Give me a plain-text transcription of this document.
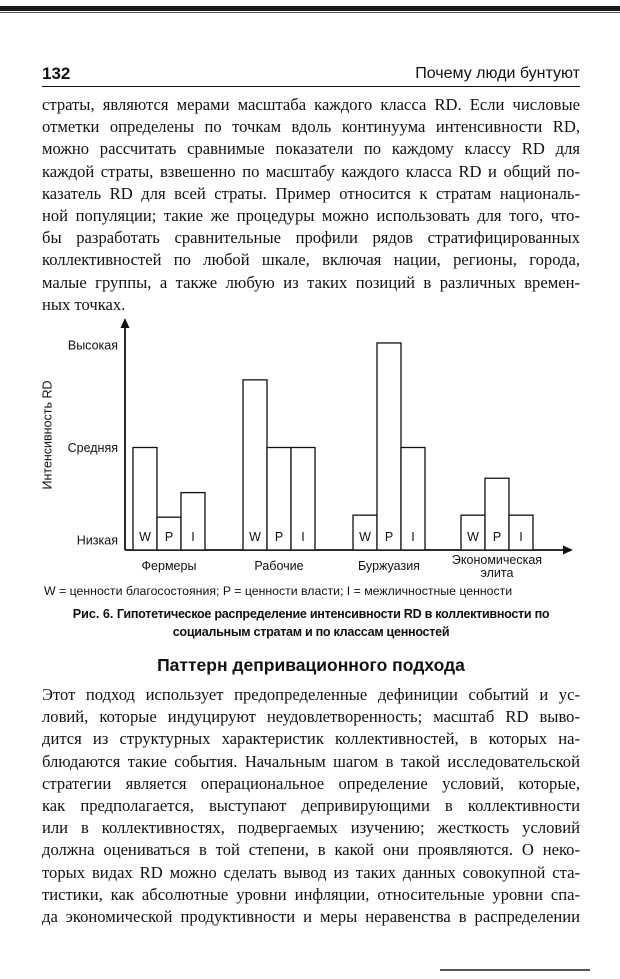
132	Почему люди бунтуют

страты, являются мерами масштаба каждого класса RD. Если числовые
отметки определены по точкам вдоль континуума интенсивности RD,
можно рассчитать сравнимые показатели по каждому классу RD для
каждой страты, взвешенно по масштабу каждого класса RD и общий по-
казатель RD для всей страты. Пример относится к стратам националь-
ной популяции; такие же процедуры можно использовать для того, что-
бы разработать сравнительные профили рядов стратифицированных
коллективностей по любой шкале, включая нации, регионы, города,
малые группы, а также любую из таких позиций в различных времен-
ных точках.

Низкая
Средняя
Высокая
Интенсивность RD
W P I
Фермеры
W P I
Рабочие
W P I
Буржуазия
W P I
Экономическая
элита
W = ценности благосостояния; P = ценности власти; I = межличностные ценности
Рис. 6. Гипотетическое распределение интенсивности RD в коллективности по социальным стратам и по классам ценностей
Паттерн депривационного подхода

Этот подход использует предопределенные дефиниции событий и ус-
ловий, которые индуцируют неудовлетворенность; масштаб RD выво-
дится из структурных характеристик коллективностей, в которых на-
блюдаются такие события. Начальным шагом в такой исследовательской
стратегии является операциональное определение условий, которые,
как предполагается, выступают депривирующими в коллективности
или в коллективностях, подвергаемых изучению; жесткость условий
должна оцениваться в той степени, в какой они проявляются. О неко-
торых видах RD можно сделать вывод из таких данных совокупной ста-
тистики, как абсолютные уровни инфляции, относительные уровни спа-
да экономической продуктивности и меры неравенства в распределении
